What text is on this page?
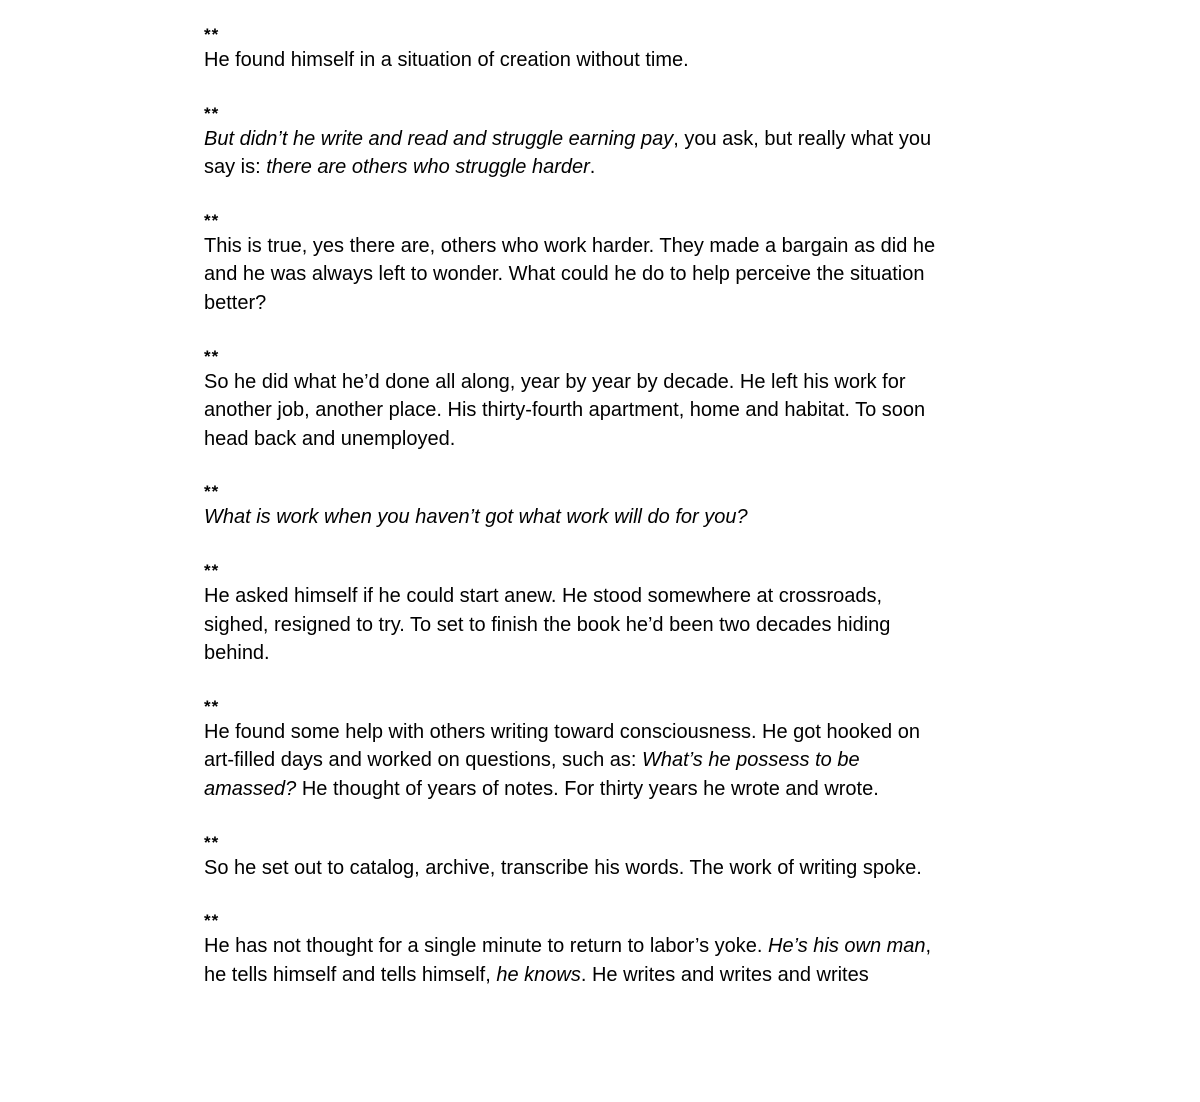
**

He found himself in a situation of creation without time.

**

But didn’t he write and read and struggle earning pay, you ask, but really what you say is: there are others who struggle harder.

**

This is true, yes there are, others who work harder. They made a bargain as did he and he was always left to wonder. What could he do to help perceive the situation better?

**

So he did what he’d done all along, year by year by decade. He left his work for another job, another place. His thirty-fourth apartment, home and habitat. To soon head back and unemployed.

**

What is work when you haven’t got what work will do for you?

**

He asked himself if he could start anew. He stood somewhere at crossroads, sighed, resigned to try. To set to finish the book he’d been two decades hiding behind.

**

He found some help with others writing toward consciousness. He got hooked on art-filled days and worked on questions, such as: What’s he possess to be amassed? He thought of years of notes. For thirty years he wrote and wrote.

**

So he set out to catalog, archive, transcribe his words. The work of writing spoke.

**

He has not thought for a single minute to return to labor’s yoke. He’s his own man, he tells himself and tells himself, he knows. He writes and writes and writes
